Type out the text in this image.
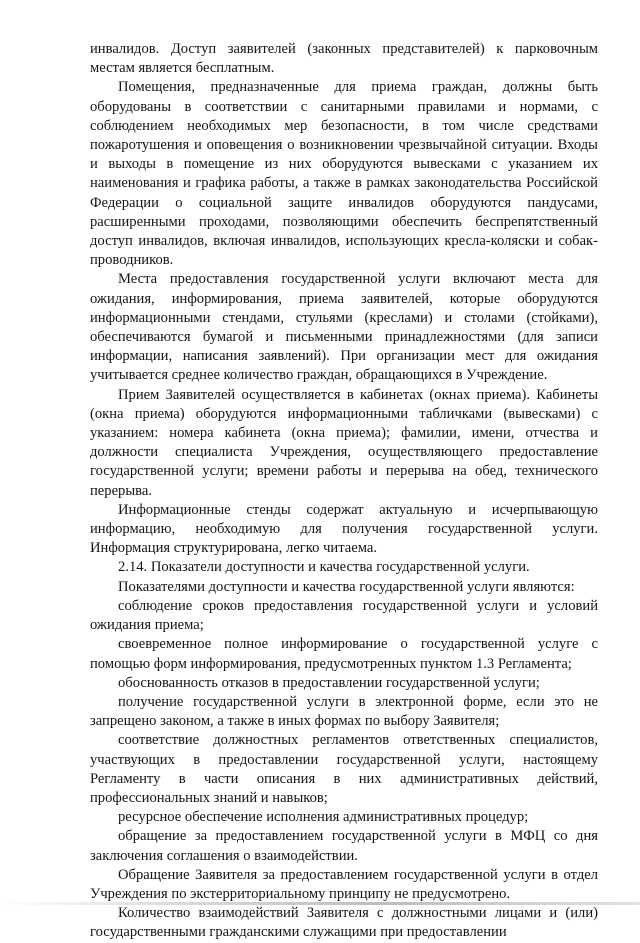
инвалидов. Доступ заявителей (законных представителей) к парковочным местам является бесплатным.

Помещения, предназначенные для приема граждан, должны быть оборудованы в соответствии с санитарными правилами и нормами, с соблюдением необходимых мер безопасности, в том числе средствами пожаротушения и оповещения о возникновении чрезвычайной ситуации. Входы и выходы в помещение из них оборудуются вывесками с указанием их наименования и графика работы, а также в рамках законодательства Российской Федерации о социальной защите инвалидов оборудуются пандусами, расширенными проходами, позволяющими обеспечить беспрепятственный доступ инвалидов, включая инвалидов, использующих кресла-коляски и собак-проводников.

Места предоставления государственной услуги включают места для ожидания, информирования, приема заявителей, которые оборудуются информационными стендами, стульями (креслами) и столами (стойками), обеспечиваются бумагой и письменными принадлежностями (для записи информации, написания заявлений). При организации мест для ожидания учитывается среднее количество граждан, обращающихся в Учреждение.

Прием Заявителей осуществляется в кабинетах (окнах приема). Кабинеты (окна приема) оборудуются информационными табличками (вывесками) с указанием: номера кабинета (окна приема); фамилии, имени, отчества и должности специалиста Учреждения, осуществляющего предоставление государственной услуги; времени работы и перерыва на обед, технического перерыва.

Информационные стенды содержат актуальную и исчерпывающую информацию, необходимую для получения государственной услуги. Информация структурирована, легко читаема.

2.14. Показатели доступности и качества государственной услуги.

Показателями доступности и качества государственной услуги являются:

соблюдение сроков предоставления государственной услуги и условий ожидания приема;

своевременное полное информирование о государственной услуге с помощью форм информирования, предусмотренных пунктом 1.3 Регламента;

обоснованность отказов в предоставлении государственной услуги;

получение государственной услуги в электронной форме, если это не запрещено законом, а также в иных формах по выбору Заявителя;

соответствие должностных регламентов ответственных специалистов, участвующих в предоставлении государственной услуги, настоящему Регламенту в части описания в них административных действий, профессиональных знаний и навыков;

ресурсное обеспечение исполнения административных процедур;

обращение за предоставлением государственной услуги в МФЦ со дня заключения соглашения о взаимодействии.

Обращение Заявителя за предоставлением государственной услуги в отдел Учреждения по экстерриториальному принципу не предусмотрено.

Количество взаимодействий Заявителя с должностными лицами и (или) государственными гражданскими служащими при предоставлении
